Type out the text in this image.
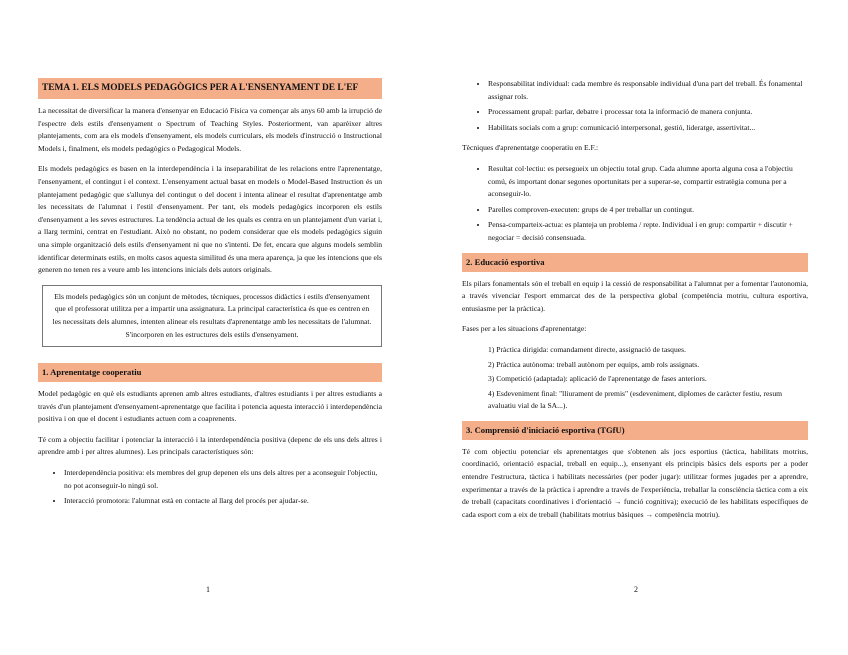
TEMA 1. ELS MODELS PEDAGÒGICS PER A L'ENSENYAMENT DE L'EF

La necessitat de diversificar la manera d'ensenyar en Educació Física va començar als anys 60 amb la irrupció de l'espectre dels estils d'ensenyament o Spectrum of Teaching Styles. Posteriorment, van aparèixer altres plantejaments, com ara els models d'ensenyament, els models curriculars, els models d'instrucció o Instructional Models i, finalment, els models pedagògics o Pedagogical Models.

Els models pedagògics es basen en la interdependència i la inseparabilitat de les relacions entre l'aprenentatge, l'ensenyament, el contingut i el context. L'ensenyament actual basat en models o Model-Based Instruction és un plantejament pedagògic que s'allunya del contingut o del docent i intenta alinear el resultat d'aprenentatge amb les necessitats de l'alumnat i l'estil d'ensenyament. Per tant, els models pedagògics incorporen els estils d'ensenyament a les seves estructures. La tendència actual de les quals es centra en un plantejament d'un variat i, a llarg termini, centrat en l'estudiant. Això no obstant, no podem considerar que els models pedagògics siguin una simple organització dels estils d'ensenyament ni que no s'intenti. De fet, encara que alguns models semblin identificar determinats estils, en molts casos aquesta similitud és una mera aparença, ja que les intencions que els generen no tenen res a veure amb les intencions inicials dels autors originals.

Els models pedagògics són un conjunt de mètodes, tècniques, processos didàctics i estils d'ensenyament que el professorat utilitza per a impartir una assignatura. La principal característica és que es centren en les necessitats dels alumnes, intenten alinear els resultats d'aprenentatge amb les necessitats de l'alumnat. S'incorporen en les estructures dels estils d'ensenyament.
1. Aprenentatge cooperatiu

Model pedagògic en què els estudiants aprenen amb altres estudiants, d'altres estudiants i per altres estudiants a través d'un plantejament d'ensenyament-aprenentatge que facilita i potencia aquesta interacció i interdependència positiva i on que el docent i estudiants actuen com a coaprenents.

Té com a objectiu facilitar i potenciar la interacció i la interdependència positiva (depenc de els uns dels altres i aprendre amb i per altres alumnes). Les principals característiques són:

• Interdependència positiva: els membres del grup depenen els uns dels altres per a aconseguir l'objectiu, no pot aconseguir-lo ningú sol.
• Interacció promotora: l'alumnat està en contacte al llarg del procés per ajudar-se.
1
• Responsabilitat individual: cada membre és responsable individual d'una part del treball. És fonamental assignar rols.
• Processament grupal: parlar, debatre i processar tota la informació de manera conjunta.
• Habilitats socials com a grup: comunicació interpersonal, gestió, lideratge, assertivitat...

Tècniques d'aprenentatge cooperatiu en E.F.:

• Resultat col·lectiu: es persegueix un objectiu total grup. Cada alumne aporta alguna cosa a l'objectiu comú, és important donar segones oportunitats per a superar-se, compartir estratègia comuna per a aconseguir-lo.
• Parelles comproven-executen: grups de 4 per treballar un contingut.
• Pensa-comparteix-actua: es planteja un problema / repte. Individual i en grup: compartir + discutir + negociar = decisió consensuada.
2. Educació esportiva

Els pilars fonamentals són el treball en equip i la cessió de responsabilitat a l'alumnat per a fomentar l'autonomia, a través vivenciar l'esport emmarcat des de la perspectiva global (competència motriu, cultura esportiva, entusiasme per la pràctica).

Fases per a les situacions d'aprenentatge:

1) Pràctica dirigida: comandament directe, assignació de tasques.
2) Pràctica autònoma: treball autònom per equips, amb rols assignats.
3) Competició (adaptada): aplicació de l'aprenentatge de fases anteriors.
4) Esdeveniment final: "lliurament de premis" (esdeveniment, diplomes de caràcter festiu, resum avaluatiu vial de la SA...).
3. Comprensió d'iniciació esportiva (TGfU)

Té com objectiu potenciar els aprenentatges que s'obtenen als jocs esportius (tàctica, habilitats motrius, coordinació, orientació espacial, treball en equip...), ensenyant els principis bàsics dels esports per a poder entendre l'estructura, tàctica i habilitats necessàries (per poder jugar): utilitzar formes jugades per a aprendre, experimentar a través de la pràctica i aprendre a través de l'experiència, treballar la consciència tàctica com a eix de treball (capacitats coordinatives i d'orientació → funció cognitiva); execució de les habilitats específiques de cada esport com a eix de treball (habilitats motrius bàsiques → competència motriu).

2
